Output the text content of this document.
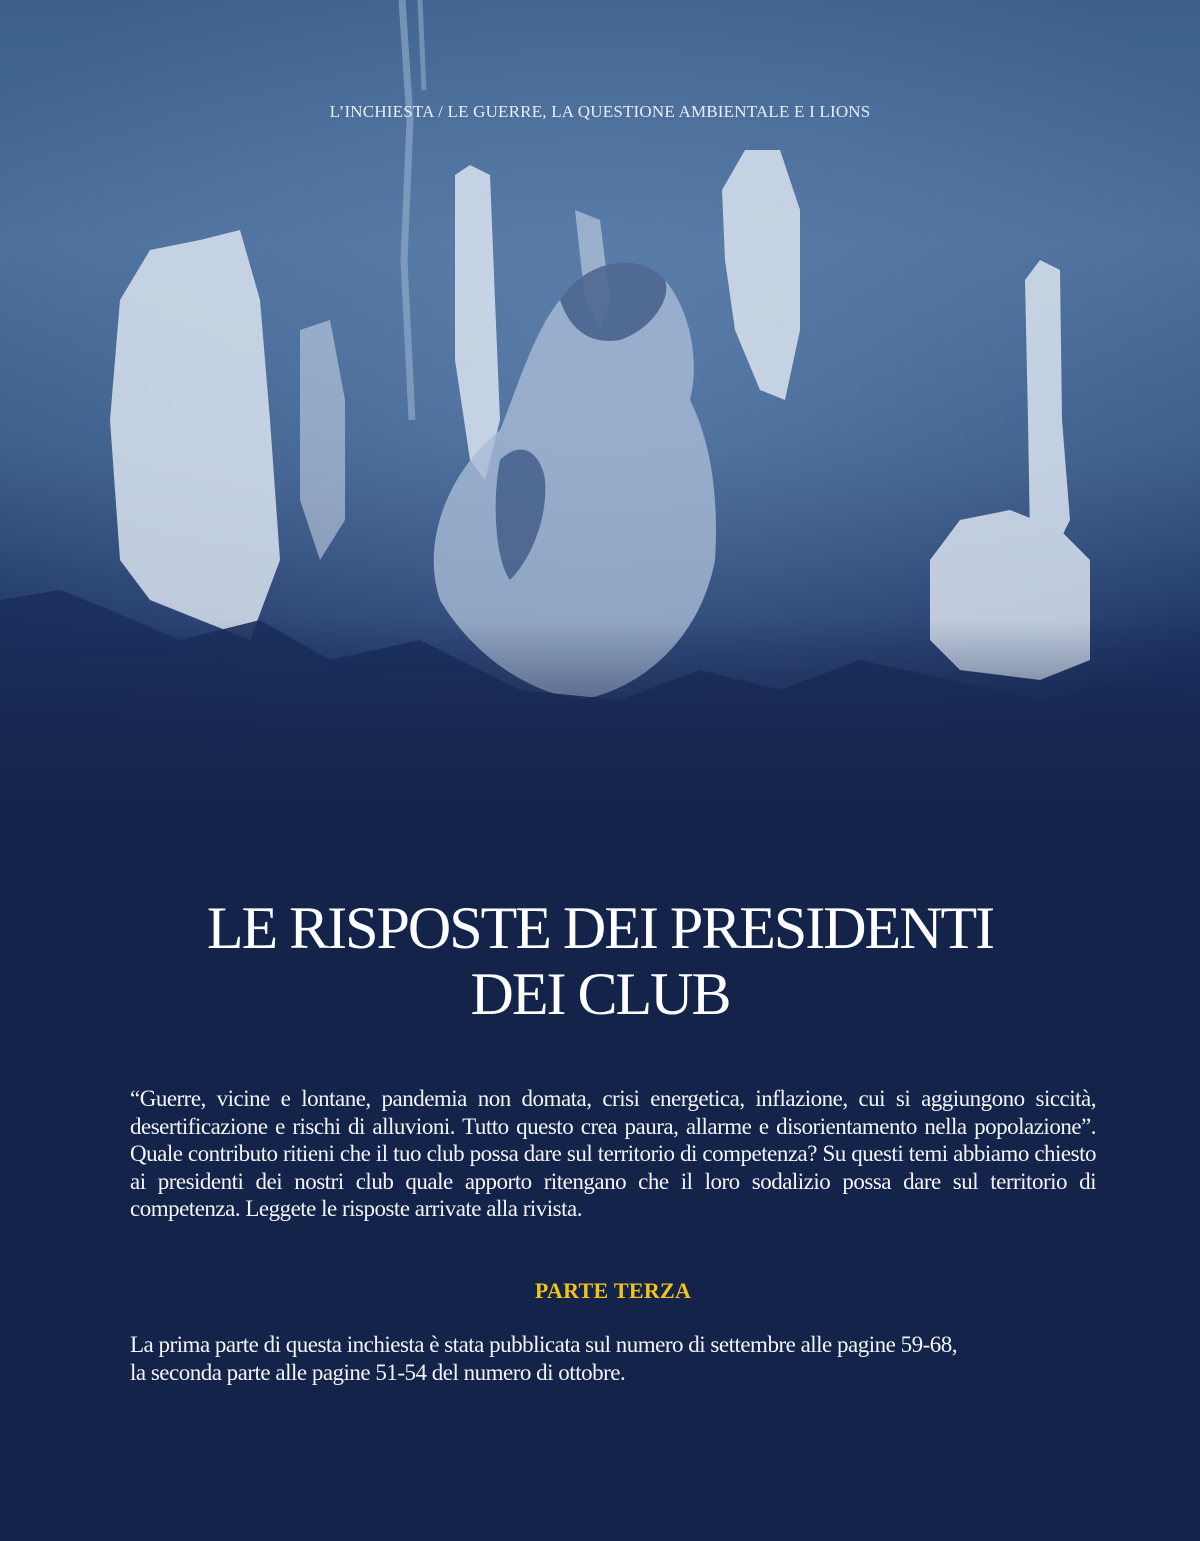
L’INCHIESTA / LE GUERRE, LA QUESTIONE AMBIENTALE E I LIONS
LE RISPOSTE DEI PRESIDENTI
DEI CLUB

“Guerre, vicine e lontane, pandemia non domata, crisi energetica, inflazione, cui si aggiungono siccità, desertificazione e rischi di alluvioni. Tutto questo crea paura, allarme e disorientamento nella popolazione”. Quale contributo ritieni che il tuo club possa dare sul territorio di competenza? Su questi temi abbiamo chiesto ai presidenti dei nostri club quale apporto ritengano che il loro sodalizio possa dare sul territorio di competenza. Leggete le risposte arrivate alla rivista.

PARTE TERZA

La prima parte di questa inchiesta è stata pubblicata sul numero di settembre alle pagine 59-68,
la seconda parte alle pagine 51-54 del numero di ottobre.
